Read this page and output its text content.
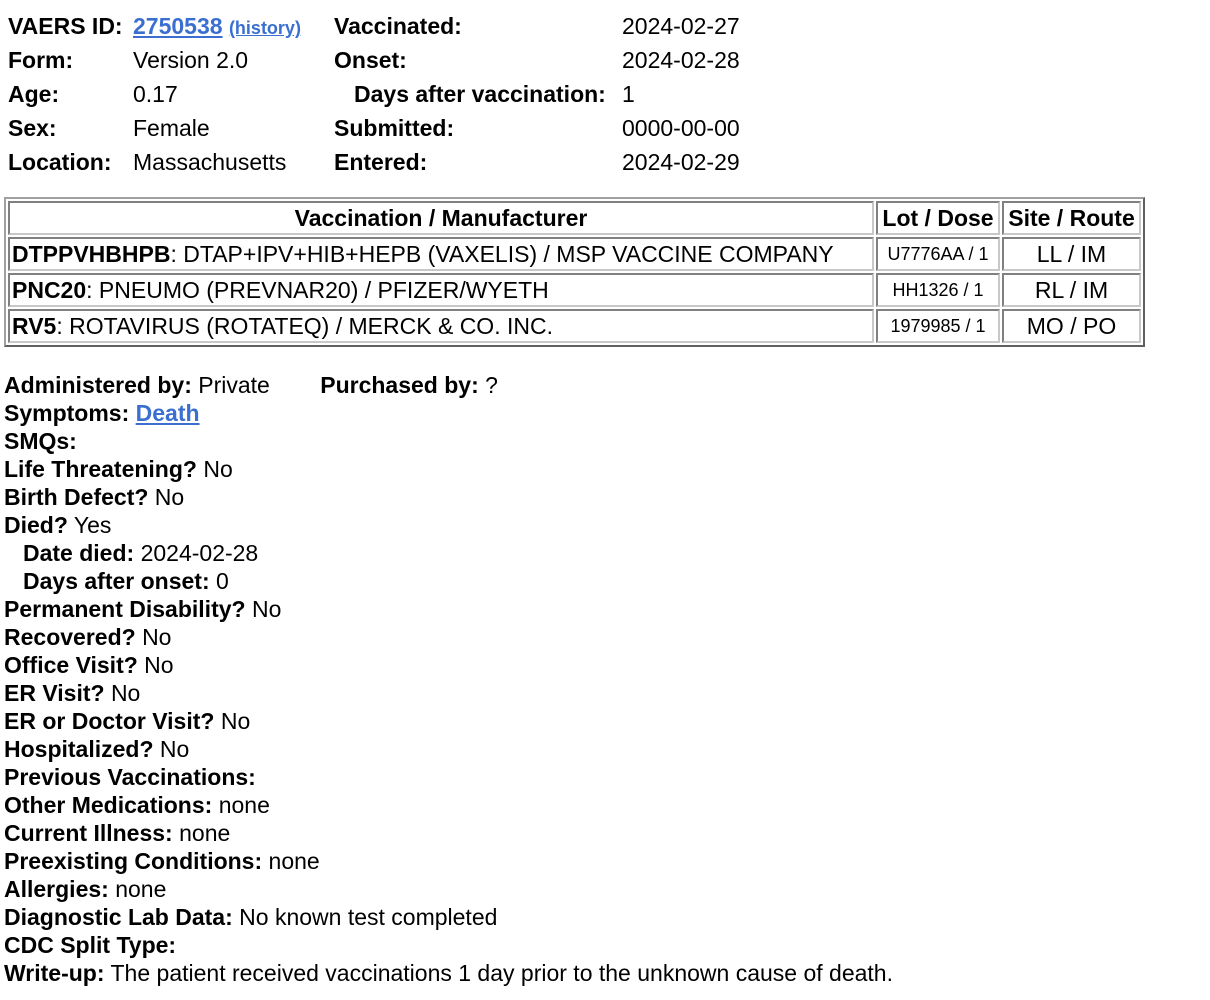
VAERS ID: 2750538 (history) Vaccinated:	2024-02-27
Form:	Version 2.0	Onset:	2024-02-28
Age:	0.17	Days after vaccination: 1
Sex:	Female	Submitted:	0000-00-00
Location: Massachusetts Entered:	2024-02-29
Vaccination / Manufacturer	Lot / Dose	Site / Route
DTPPVHBHPB: DTAP+IPV+HIB+HEPB (VAXELIS) / MSP VACCINE COMPANY	U7776AA / 1	LL / IM
PNC20: PNEUMO (PREVNAR20) / PFIZER/WYETH	HH1326 / 1	RL / IM
RV5: ROTAVIRUS (ROTATEQ) / MERCK & CO. INC.	1979985 / 1	MO / PO
Administered by: Private Purchased by: ?
Symptoms: Death
SMQs:
Life Threatening? No
Birth Defect? No
Died? Yes
Date died: 2024-02-28
Days after onset: 0
Permanent Disability? No
Recovered? No
Office Visit? No
ER Visit? No
ER or Doctor Visit? No
Hospitalized? No
Previous Vaccinations:
Other Medications: none
Current Illness: none
Preexisting Conditions: none
Allergies: none
Diagnostic Lab Data: No known test completed
CDC Split Type:
Write-up: The patient received vaccinations 1 day prior to the unknown cause of death.
